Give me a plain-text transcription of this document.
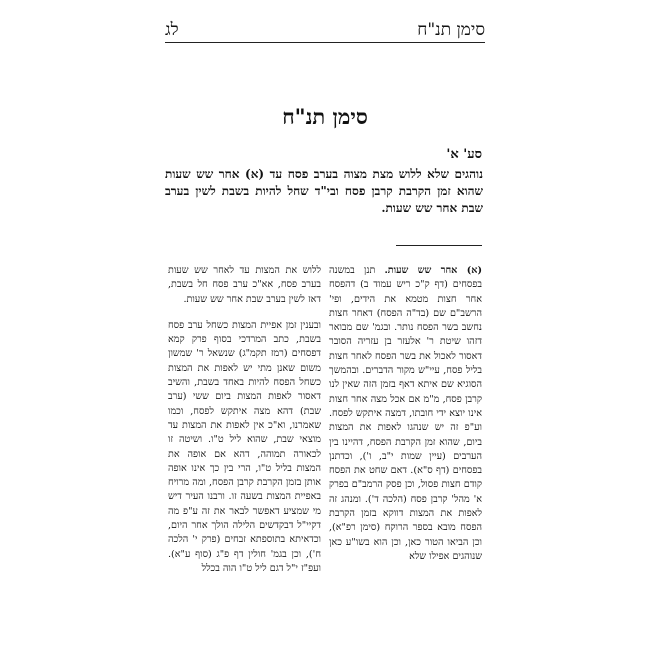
סימן תנ"ח
לג
סימן תנ"ח
סע' א'

נוהגים שלא ללוש מצת מצוה בערב פסח עד (א) אחר שש שעות שהוא זמן הקרבת קרבן פסח ובי"ד שחל להיות בשבת לשין בערב שבת אחר שש שעות.

(א) אחר שש שעות. תנן במשנה בפסחים (דף ק"כ ריש עמוד ב) דהפסח אחר חצות מטמא את הידים, ופי' הרשב"ם שם (בד"ה הפסח) דאחר חצות נחשב בשר הפסח נותר. ובגמ' שם מבואר דזהו שיטת ר' אלעזר בן עזריה הסובר דאסור לאכול את בשר הפסח לאחר חצות בליל פסח, עיי"ש מקור הדברים. ובהמשך הסוגיא שם איתא דאף בזמן הזה שאין לנו קרבן פסח, מ"מ אם אכל מצה אחר חצות אינו יוצא ידי חובתו, דמצה איתקש לפסח. וע"פ זה יש שנהגו לאפות את המצות ביום, שהוא זמן הקרבת הפסח, דהיינו בין הערבים (עיין שמות י"ב, ו'), וכדתנן בפסחים (דף ס"א). דאם שחט את הפסח קודם חצות פסול, וכן פסק הרמב"ם בפרק א' מהל' קרבן פסח (הלכה ד'). ומנהג זה לאפות את המצות דווקא בזמן הקרבת הפסח מובא בספר הרוקח (סימן רפ"א), וכן הביאו הטור כאן, וכן הוא בשו"ע כאן שנוהגים אפילו שלא

ללוש את המצות עד לאחר שש שעות בערב פסח, אא"כ ערב פסח חל בשבת, דאז לשין בערב שבת אחר שש שעות.

ובענין זמן אפיית המצות כשחל ערב פסח בשבת, כתב המרדכי בסוף פרק קמא דפסחים (רמז תקמ"ג) שנשאל ר' שמשון משום שאנן מתי יש לאפות את המצות כשחל הפסח להיות באחד בשבת, והשיב דאסור לאפות המצות ביום ששי (ערב שבת) דהא מצה איתקש לפסח, וכמו שאמרנו, וא"כ אין לאפות את המצות עד מוצאי שבת, שהוא ליל ט"ו. ושיטה זו לכאורה תמוהה, דהא אם אופה את המצות בליל ט"ו, הרי בין כך אינו אופה אותן בזמן הקרבת קרבן הפסח, ומה מרויח באפיית המצות בשעה זו. ורבנו העיר דיש מי שמציע דאפשר לבאר את זה ע"פ מה דקיי"ל דבקדשים הלילה הולך אחר היום, וכדאיתא בתוספתא זבחים (פרק י' הלכה ח'), וכן בגמ' חולין דף פ"ג (סוף ע"א). ועפ"ז י"ל דגם ליל ט"ו הוה בכלל
